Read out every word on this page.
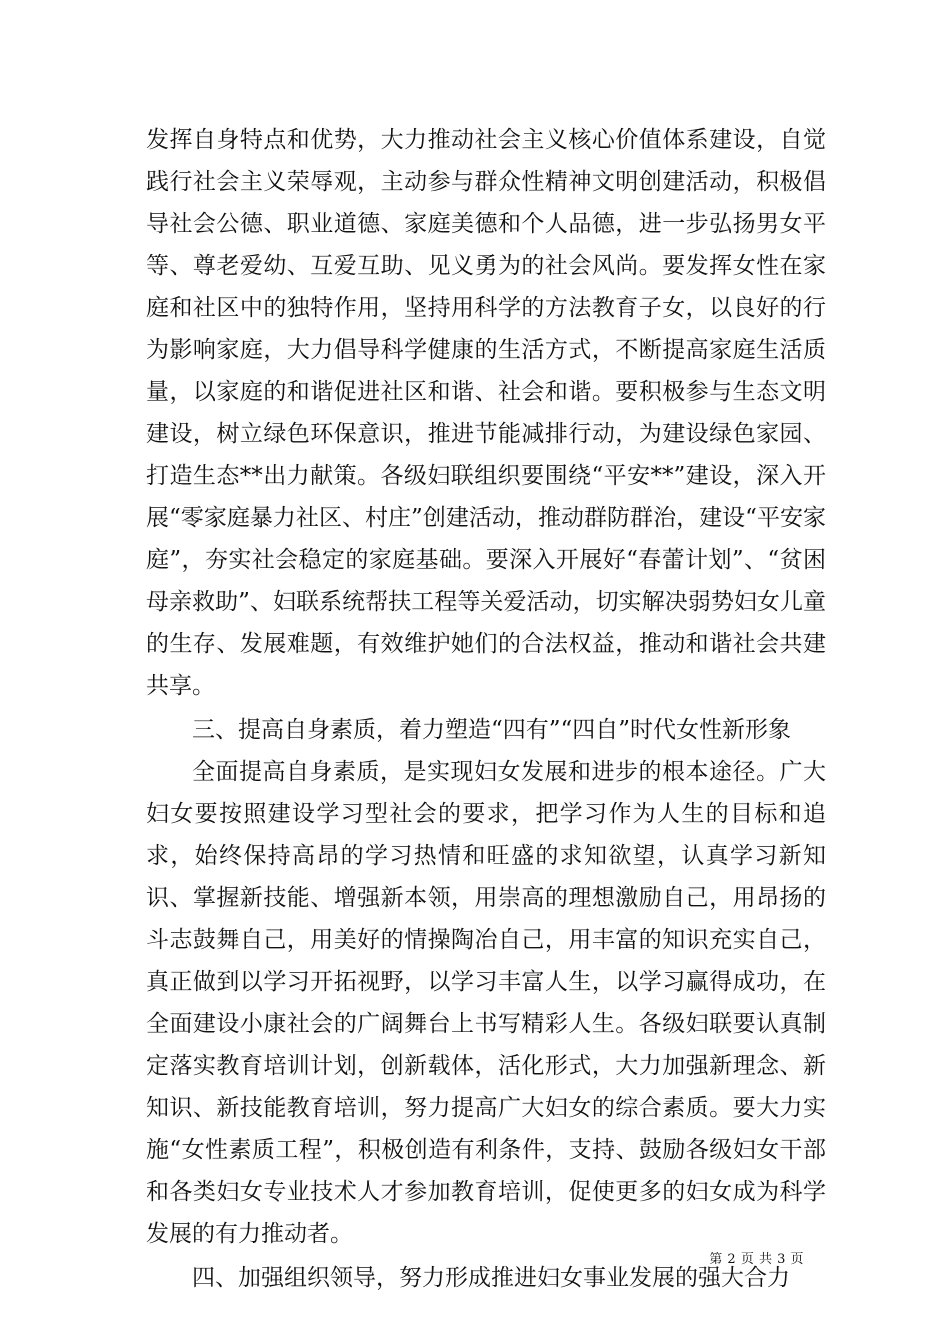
发挥自身特点和优势，大力推动社会主义核心价值体系建设，自觉践行社会主义荣辱观，主动参与群众性精神文明创建活动，积极倡导社会公德、职业道德、家庭美德和个人品德，进一步弘扬男女平等、尊老爱幼、互爱互助、见义勇为的社会风尚。要发挥女性在家庭和社区中的独特作用，坚持用科学的方法教育子女，以良好的行为影响家庭，大力倡导科学健康的生活方式，不断提高家庭生活质量，以家庭的和谐促进社区和谐、社会和谐。要积极参与生态文明建设，树立绿色环保意识，推进节能减排行动，为建设绿色家园、打造生态**出力献策。各级妇联组织要围绕“平安**”建设，深入开展“零家庭暴力社区、村庄”创建活动，推动群防群治，建设“平安家庭”，夯实社会稳定的家庭基础。要深入开展好“春蕾计划”、“贫困母亲救助”、妇联系统帮扶工程等关爱活动，切实解决弱势妇女儿童的生存、发展难题，有效维护她们的合法权益，推动和谐社会共建共享。

三、提高自身素质，着力塑造“四有”“四自”时代女性新形象

全面提高自身素质，是实现妇女发展和进步的根本途径。广大妇女要按照建设学习型社会的要求，把学习作为人生的目标和追求，始终保持高昂的学习热情和旺盛的求知欲望，认真学习新知识、掌握新技能、增强新本领，用崇高的理想激励自己，用昂扬的斗志鼓舞自己，用美好的情操陶冶自己，用丰富的知识充实自己，真正做到以学习开拓视野，以学习丰富人生，以学习赢得成功，在全面建设小康社会的广阔舞台上书写精彩人生。各级妇联要认真制定落实教育培训计划，创新载体，活化形式，大力加强新理念、新知识、新技能教育培训，努力提高广大妇女的综合素质。要大力实施“女性素质工程”，积极创造有利条件，支持、鼓励各级妇女干部和各类妇女专业技术人才参加教育培训，促使更多的妇女成为科学发展的有力推动者。

四、加强组织领导，努力形成推进妇女事业发展的强大合力

第 2 页 共 3 页
